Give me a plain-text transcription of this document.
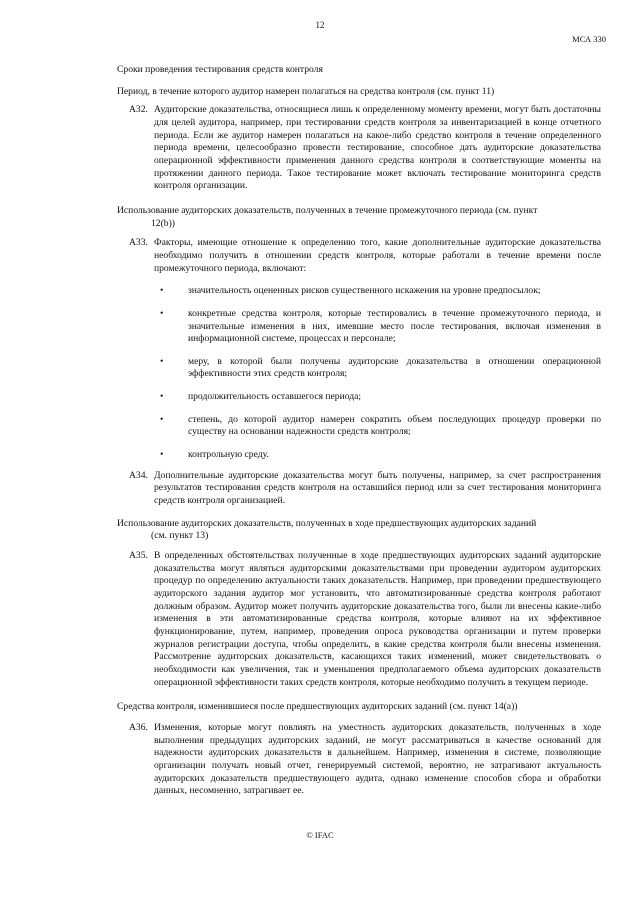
12
МСА 330

Сроки проведения тестирования средств контроля

Период, в течение которого аудитор намерен полагаться на средства контроля (см. пункт 11)

A32. Аудиторские доказательства, относящиеся лишь к определенному моменту времени, могут быть достаточны для целей аудитора, например, при тестировании средств контроля за инвентаризацией в конце отчетного периода. Если же аудитор намерен полагаться на какое-либо средство контроля в течение определенного периода времени, целесообразно провести тестирование, способное дать аудиторские доказательства операционной эффективности применения данного средства контроля в соответствующие моменты на протяжении данного периода. Такое тестирование может включать тестирование мониторинга средств контроля организации.

Использование аудиторских доказательств, полученных в течение промежуточного периода (см. пункт
12(b))

A33. Факторы, имеющие отношение к определению того, какие дополнительные аудиторские доказательства необходимо получить в отношении средств контроля, которые работали в течение времени после промежуточного периода, включают:
•	значительность оцененных рисков существенного искажения на уровне предпосылок;
•	конкретные средства контроля, которые тестировались в течение промежуточного периода, и значительные изменения в них, имевшие место после тестирования, включая изменения в информационной системе, процессах и персонале;
•	меру, в которой были получены аудиторские доказательства в отношении операционной эффективности этих средств контроля;
•	продолжительность оставшегося периода;
•	степень, до которой аудитор намерен сократить объем последующих процедур проверки по существу на основании надежности средств контроля;
•	контрольную среду.
A34. Дополнительные аудиторские доказательства могут быть получены, например, за счет распространения результатов тестирования средств контроля на оставшийся период или за счет тестирования мониторинга средств контроля организацией.

Использование аудиторских доказательств, полученных в ходе предшествующих аудиторских заданий
(см. пункт 13)

A35. В определенных обстоятельствах полученные в ходе предшествующих аудиторских заданий аудиторские доказательства могут являться аудиторскими доказательствами при проведении аудитором аудиторских процедур по определению актуальности таких доказательств. Например, при проведении предшествующего аудиторского задания аудитор мог установить, что автоматизированные средства контроля работают должным образом. Аудитор может получить аудиторские доказательства того, были ли внесены какие-либо изменения в эти автоматизированные средства контроля, которые влияют на их эффективное функционирование, путем, например, проведения опроса руководства организации и путем проверки журналов регистрации доступа, чтобы определить, в какие средства контроля были внесены изменения. Рассмотрение аудиторских доказательств, касающихся таких изменений, может свидетельствовать о необходимости как увеличения, так и уменьшения предполагаемого объема аудиторских доказательств операционной эффективности таких средств контроля, которые необходимо получить в текущем периоде.

Средства контроля, изменившиеся после предшествующих аудиторских заданий (см. пункт 14(a))

A36. Изменения, которые могут повлиять на уместность аудиторских доказательств, полученных в ходе выполнения предыдущих аудиторских заданий, не могут рассматриваться в качестве оснований для надежности аудиторских доказательств в дальнейшем. Например, изменения в системе, позволяющие организации получать новый отчет, генерируемый системой, вероятно, не затрагивают актуальность аудиторских доказательств предшествующего аудита, однако изменение способов сбора и обработки данных, несомненно, затрагивает ее.
© IFAC
